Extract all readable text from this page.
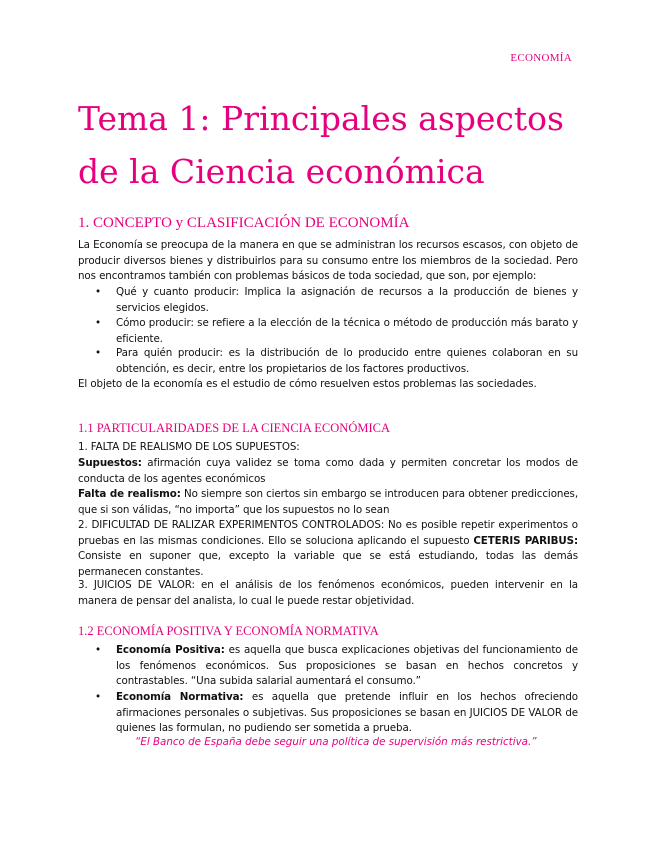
ECONOMÍA
Tema 1: Principales aspectos
de la Ciencia económica
1. CONCEPTO y CLASIFICACIÓN DE ECONOMÍA

La Economía se preocupa de la manera en que se administran los recursos escasos, con objeto de producir diversos bienes y distribuirlos para su consumo entre los miembros de la sociedad. Pero nos encontramos también con problemas básicos de toda sociedad, que son, por ejemplo:

• Qué y cuanto producir: Implica la asignación de recursos a la producción de bienes y servicios elegidos.
• Cómo producir: se refiere a la elección de la técnica o método de producción más barato y eficiente.
• Para quién producir: es la distribución de lo producido entre quienes colaboran en su obtención, es decir, entre los propietarios de los factores productivos.

El objeto de la economía es el estudio de cómo resuelven estos problemas las sociedades.

1.1 PARTICULARIDADES DE LA CIENCIA ECONÓMICA

1. FALTA DE REALISMO DE LOS SUPUESTOS:

Supuestos: afirmación cuya validez se toma como dada y permiten concretar los modos de conducta de los agentes económicos

Falta de realismo: No siempre son ciertos sin embargo se introducen para obtener predicciones, que si son válidas, “no importa” que los supuestos no lo sean

2. DIFICULTAD DE RALIZAR EXPERIMENTOS CONTROLADOS: No es posible repetir experimentos o pruebas en las mismas condiciones. Ello se soluciona aplicando el supuesto CETERIS PARIBUS: Consiste en suponer que, excepto la variable que se está estudiando, todas las demás permanecen constantes.

3. JUICIOS DE VALOR: en el análisis de los fenómenos económicos, pueden intervenir en la manera de pensar del analista, lo cual le puede restar objetividad.

1.2 ECONOMÍA POSITIVA Y ECONOMÍA NORMATIVA
• Economía Positiva: es aquella que busca explicaciones objetivas del funcionamiento de los fenómenos económicos. Sus proposiciones se basan en hechos concretos y contrastables. “Una subida salarial aumentará el consumo.”
• Economía Normativa: es aquella que pretende influir en los hechos ofreciendo afirmaciones personales o subjetivas. Sus proposiciones se basan en JUICIOS DE VALOR de quienes las formulan, no pudiendo ser sometida a prueba.
“El Banco de España debe seguir una política de supervisión más restrictiva.”
